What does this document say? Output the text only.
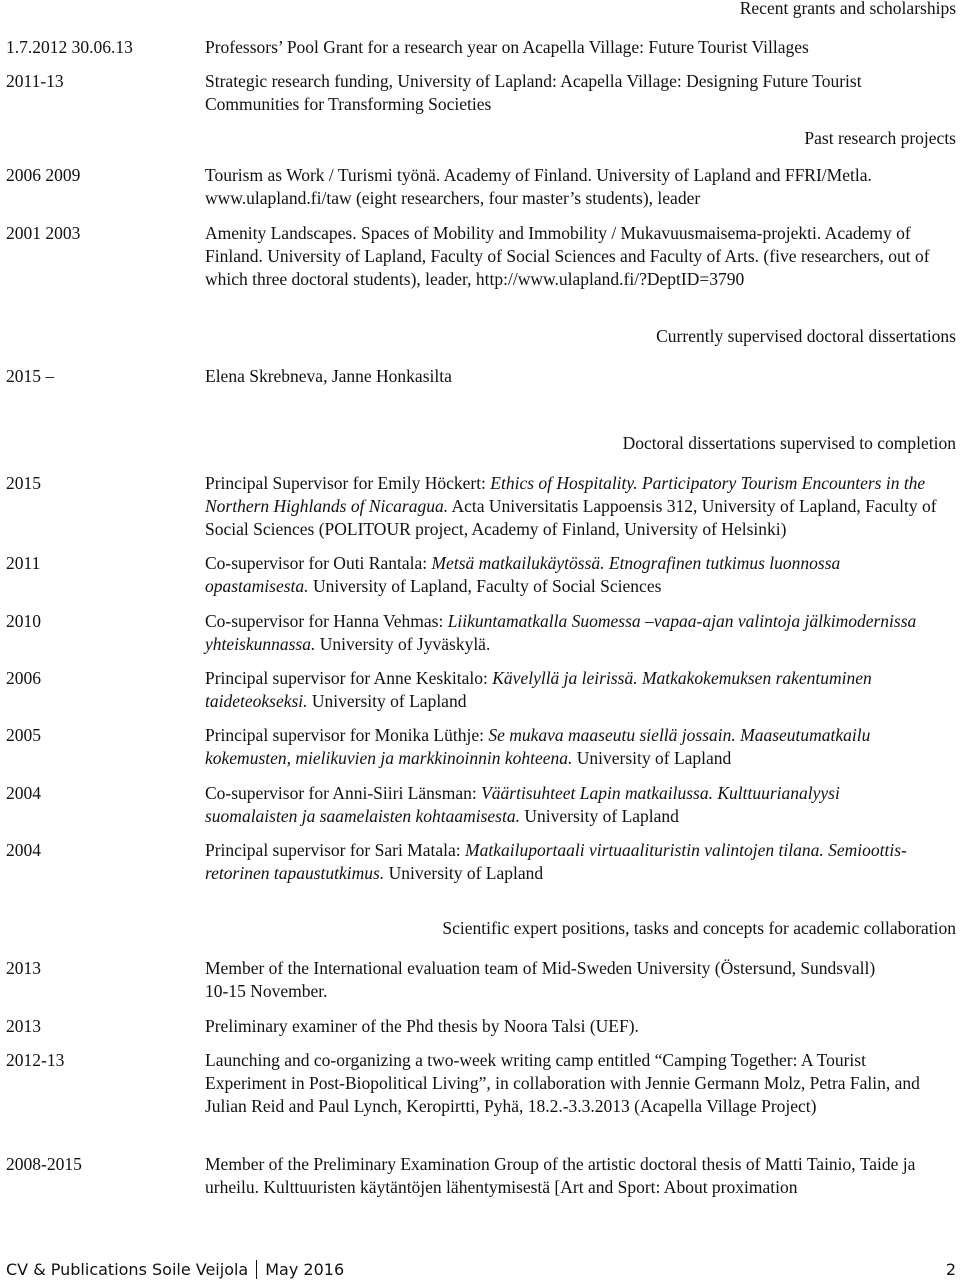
Recent grants and scholarships
1.7.2012 30.06.13	Professors’ Pool Grant for a research year on Acapella Village: Future Tourist Villages
2011-13	Strategic research funding, University of Lapland: Acapella Village: Designing Future Tourist Communities for Transforming Societies
Past research projects
2006 2009	Tourism as Work / Turismi työnä. Academy of Finland. University of Lapland and FFRI/Metla. www.ulapland.fi/taw (eight researchers, four master’s students), leader
2001 2003	Amenity Landscapes. Spaces of Mobility and Immobility / Mukavuusmaisema-projekti. Academy of Finland. University of Lapland, Faculty of Social Sciences and Faculty of Arts. (five researchers, out of which three doctoral students), leader, http://www.ulapland.fi/?DeptID=3790
Currently supervised doctoral dissertations
2015 –	Elena Skrebneva, Janne Honkasilta
Doctoral dissertations supervised to completion
2015	Principal Supervisor for Emily Höckert: Ethics of Hospitality. Participatory Tourism Encounters in the Northern Highlands of Nicaragua. Acta Universitatis Lappoensis 312, University of Lapland, Faculty of Social Sciences (POLITOUR project, Academy of Finland, University of Helsinki)
2011	Co-supervisor for Outi Rantala: Metsä matkailukäytössä. Etnografinen tutkimus luonnossa opastamisesta. University of Lapland, Faculty of Social Sciences
2010	Co-supervisor for Hanna Vehmas: Liikuntamatkalla Suomessa –vapaa-ajan valintoja jälkimodernissa yhteiskunnassa. University of Jyväskylä.
2006	Principal supervisor for Anne Keskitalo: Kävelyllä ja leirissä. Matkakokemuksen rakentuminen taideteokseksi. University of Lapland
2005	Principal supervisor for Monika Lüthje: Se mukava maaseutu siellä jossain. Maaseutumatkailu kokemusten, mielikuvien ja markkinoinnin kohteena. University of Lapland
2004	Co-supervisor for Anni-Siiri Länsman: Väärtisuhteet Lapin matkailussa. Kulttuurianalyysi suomalaisten ja saamelaisten kohtaamisesta. University of Lapland
2004	Principal supervisor for Sari Matala: Matkailuportaali virtuaalituristin valintojen tilana. Semioottis-retorinen tapaustutkimus. University of Lapland
Scientific expert positions, tasks and concepts for academic collaboration
2013	Member of the International evaluation team of Mid-Sweden University (Östersund, Sundsvall) 10-15 November.
2013	Preliminary examiner of the Phd thesis by Noora Talsi (UEF).
2012-13	Launching and co-organizing a two-week writing camp entitled “Camping Together: A Tourist Experiment in Post-Biopolitical Living”, in collaboration with Jennie Germann Molz, Petra Falin, and Julian Reid and Paul Lynch, Keropirtti, Pyhä, 18.2.-3.3.2013 (Acapella Village Project)
2008-2015	Member of the Preliminary Examination Group of the artistic doctoral thesis of Matti Tainio, Taide ja urheilu. Kulttuuristen käytäntöjen lähentymisestä [Art and Sport: About proximation
CV & Publications Soile Veijola May 2016	2
